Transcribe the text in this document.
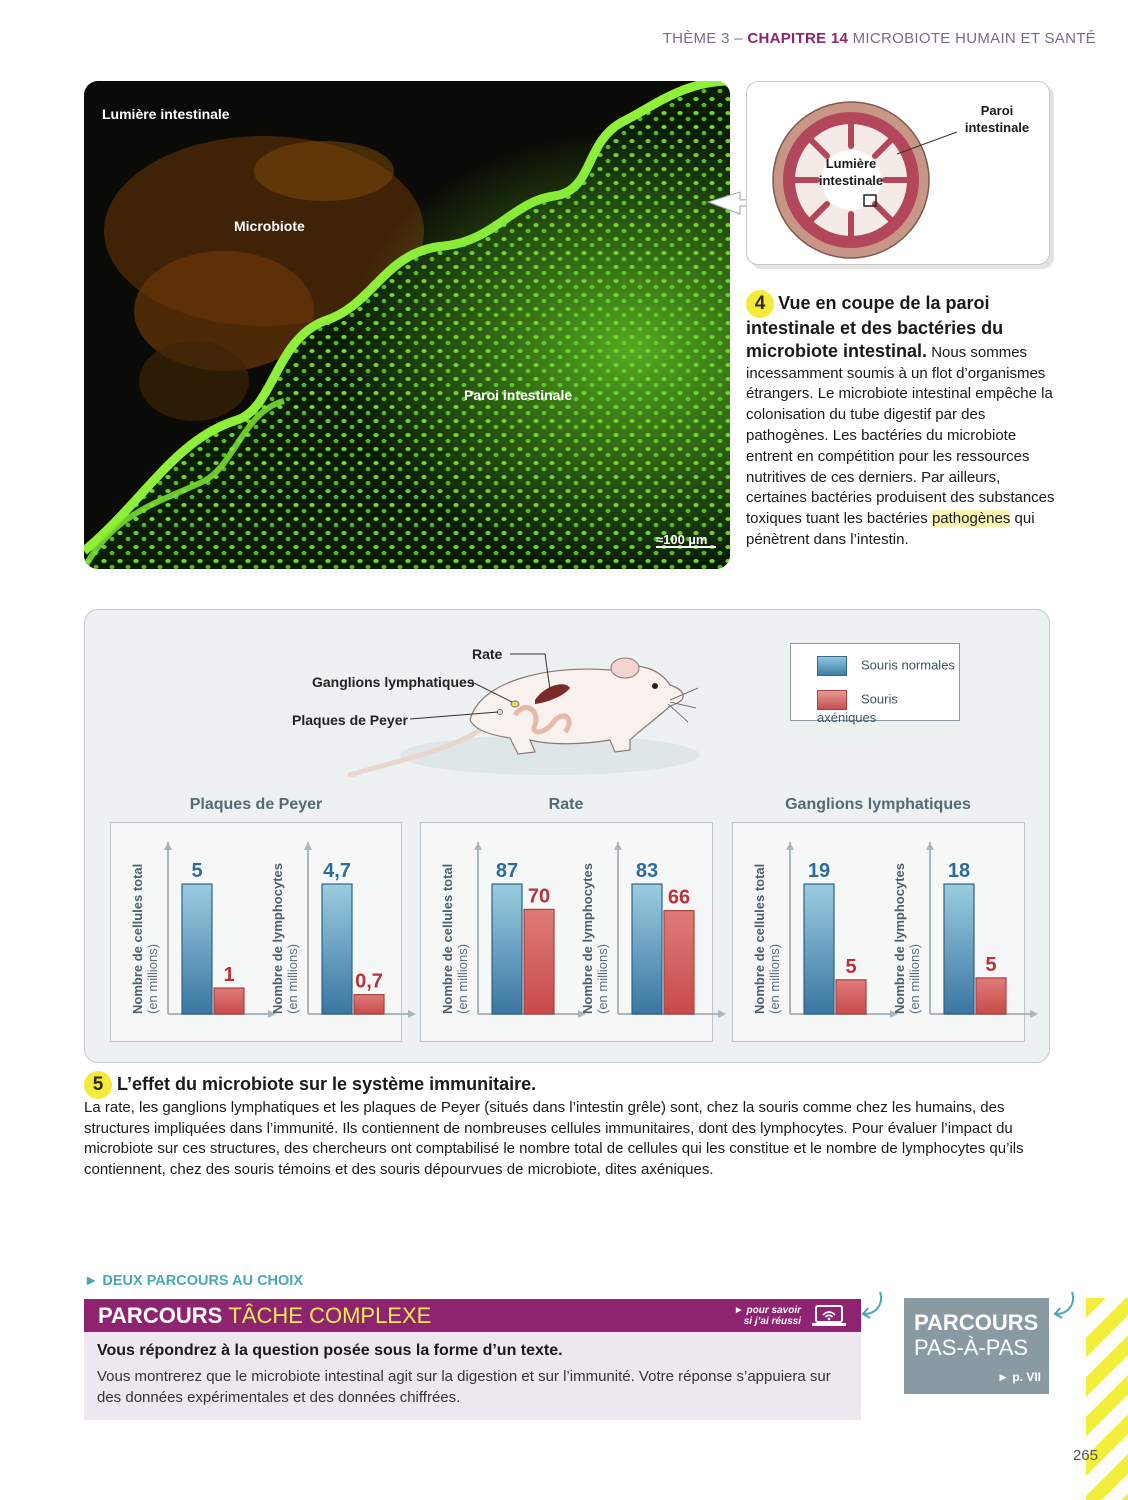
THÈME 3 – CHAPITRE 14 MICROBIOTE HUMAIN ET SANTÉ
Lumière intestinale
Microbiote
Paroi intestinale
≈100 µm
Paroi
intestinale
Lumière
intestinale
4 Vue en coupe de la paroi intestinale et des bactéries du microbiote intestinal. Nous sommes incessamment soumis à un flot d’organismes étrangers. Le microbiote intestinal empêche la colonisation du tube digestif par des pathogènes. Les bactéries du microbiote entrent en compétition pour les ressources nutritives de ces derniers. Par ailleurs, certaines bactéries produisent des substances toxiques tuant les bactéries pathogènes qui pénètrent dans l’intestin.
Rate
Ganglions lymphatiques
Plaques de Peyer
Souris normales
Souris axéniques
Plaques de Peyer	Rate	Ganglions lymphatiques
Nombre de cellules total (en millions)
5
1	Nombre de lymphocytes (en millions)
4,7
0,7	Nombre de cellules total (en millions)
87
70 Nombre de lymphocytes (en millions)
83
66	Nombre de cellules total (en millions)
19
5	Nombre de lymphocytes (en millions)
18
5
5 L’effet du microbiote sur le système immunitaire.
La rate, les ganglions lymphatiques et les plaques de Peyer (situés dans l’intestin grêle) sont, chez la souris comme chez les humains, des structures impliquées dans l’immunité. Ils contiennent de nombreuses cellules immunitaires, dont des lymphocytes. Pour évaluer l’impact du microbiote sur ces structures, des chercheurs ont comptabilisé le nombre total de cellules qui les constitue et le nombre de lymphocytes qu’ils contiennent, chez des souris témoins et des souris dépourvues de microbiote, dites axéniques.
► DEUX PARCOURS AU CHOIX
PARCOURS TÂCHE COMPLEXE	► pour savoir
si j’ai réussi
Vous répondrez à la question posée sous la forme d’un texte.
Vous montrerez que le microbiote intestinal agit sur la digestion et sur l’immunité. Votre réponse s’appuiera sur des données expérimentales et des données chiffrées.
PARCOURS
PAS-À-PAS
► p. VII
265
